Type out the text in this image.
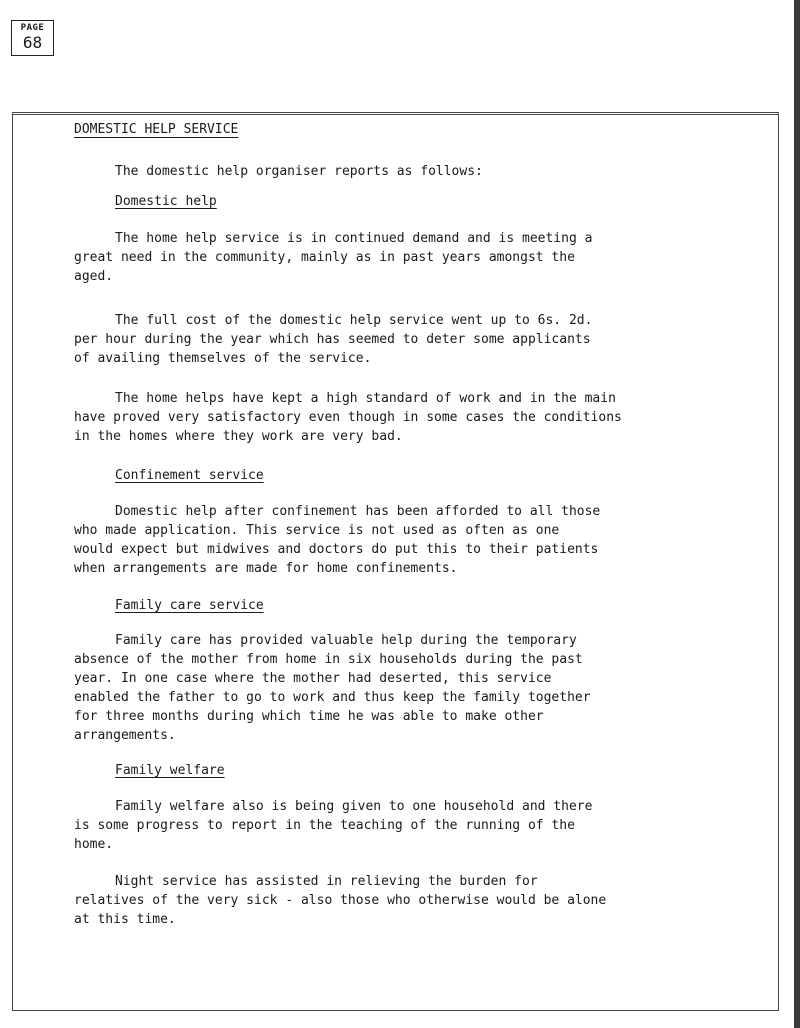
PAGE
68
DOMESTIC HELP SERVICE

The domestic help organiser reports as follows:

Domestic help

The home help service is in continued demand and is meeting a

great need in the community, mainly as in past years amongst the

aged.

The full cost of the domestic help service went up to 6s. 2d.

per hour during the year which has seemed to deter some applicants

of availing themselves of the service.

The home helps have kept a high standard of work and in the main

have proved very satisfactory even though in some cases the conditions

in the homes where they work are very bad.

Confinement service

Domestic help after confinement has been afforded to all those

who made application. This service is not used as often as one

would expect but midwives and doctors do put this to their patients

when arrangements are made for home confinements.

Family care service

Family care has provided valuable help during the temporary

absence of the mother from home in six households during the past

year. In one case where the mother had deserted, this service

enabled the father to go to work and thus keep the family together

for three months during which time he was able to make other

arrangements.

Family welfare

Family welfare also is being given to one household and there

is some progress to report in the teaching of the running of the

home.

Night service has assisted in relieving the burden for

relatives of the very sick - also those who otherwise would be alone

at this time.
